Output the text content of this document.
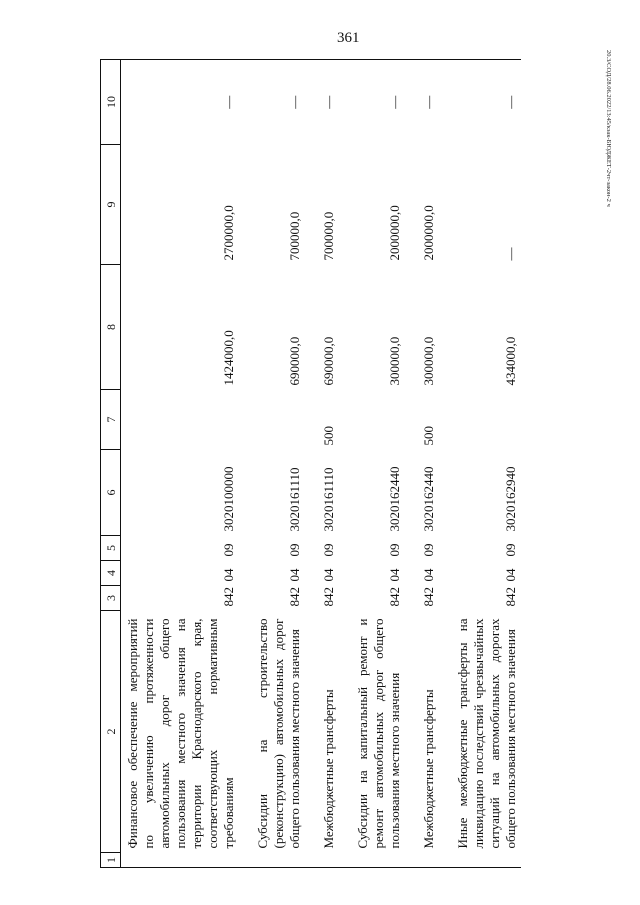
361
20.3/СОД/28.06.2022/13:45/кзак-БЮДЖЕТ-2чт-закон-2 ч
1	2	3	4	5	6	7	8	9	10
	Финансовое обеспечение мероприятий по увеличению протяженности автомобильных дорог общего пользования местного значения на территории Краснодарского края, соответствующих нормативным требованиям	842	04	09	3020100000		1424000,0	2700000,0	—

	Субсидии на строительство (реконструкцию) автомобильных дорог общего пользования местного значения	842	04	09	3020161110		690000,0	700000,0	—

	Межбюджетные трансферты	842	04	09	3020161110	500	690000,0	700000,0	—

	Субсидии на капитальный ремонт и ремонт автомобильных дорог общего пользования местного значения	842	04	09	3020162440		300000,0	2000000,0	—

	Межбюджетные трансферты	842	04	09	3020162440	500	300000,0	2000000,0	—

	Иные межбюджетные трансферты на ликвидацию последствий чрезвычайных ситуаций на автомобильных дорогах общего пользования местного значения	842	04	09	3020162940		434000,0	—	—
